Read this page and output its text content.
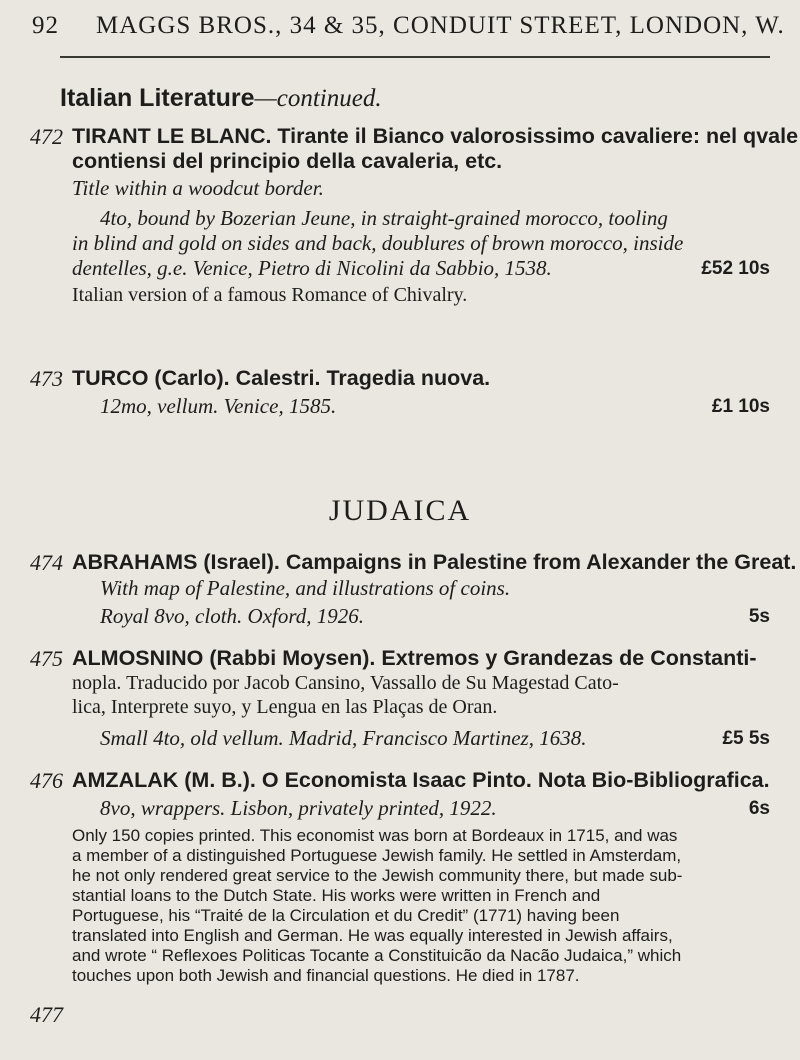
92 MAGGS BROS., 34 & 35, CONDUIT STREET, LONDON, W.
Italian Literature—continued.
472 TIRANT LE BLANC. Tirante il Bianco valorosissimo cavaliere: nel qvale
contiensi del principio della cavaleria, etc.
Title within a woodcut border.
4to, bound by Bozerian Jeune, in straight-grained morocco, tooling
in blind and gold on sides and back, doublures of brown morocco, inside
dentelles, g.e. Venice, Pietro di Nicolini da Sabbio, 1538.	£52 10s
Italian version of a famous Romance of Chivalry.
473 TURCO (Carlo). Calestri. Tragedia nuova.
12mo, vellum. Venice, 1585.	£1 10s
JUDAICA
474 ABRAHAMS (Israel). Campaigns in Palestine from Alexander the Great.
With map of Palestine, and illustrations of coins.
Royal 8vo, cloth. Oxford, 1926.	5s
475 ALMOSNINO (Rabbi Moysen). Extremos y Grandezas de Constanti-
nopla. Traducido por Jacob Cansino, Vassallo de Su Magestad Cato-
lica, Interprete suyo, y Lengua en las Plaças de Oran.
Small 4to, old vellum. Madrid, Francisco Martinez, 1638.	£5 5s
476 AMZALAK (M. B.). O Economista Isaac Pinto. Nota Bio-Bibliografica.
8vo, wrappers. Lisbon, privately printed, 1922.	6s
Only 150 copies printed. This economist was born at Bordeaux in 1715, and was
a member of a distinguished Portuguese Jewish family. He settled in Amsterdam,
he not only rendered great service to the Jewish community there, but made sub-
stantial loans to the Dutch State. His works were written in French and
Portuguese, his “Traité de la Circulation et du Credit” (1771) having been
translated into English and German. He was equally interested in Jewish affairs,
and wrote “ Reflexoes Politicas Tocante a Constituicão da Nacão Judaica,” which
touches upon both Jewish and financial questions. He died in 1787.
477
